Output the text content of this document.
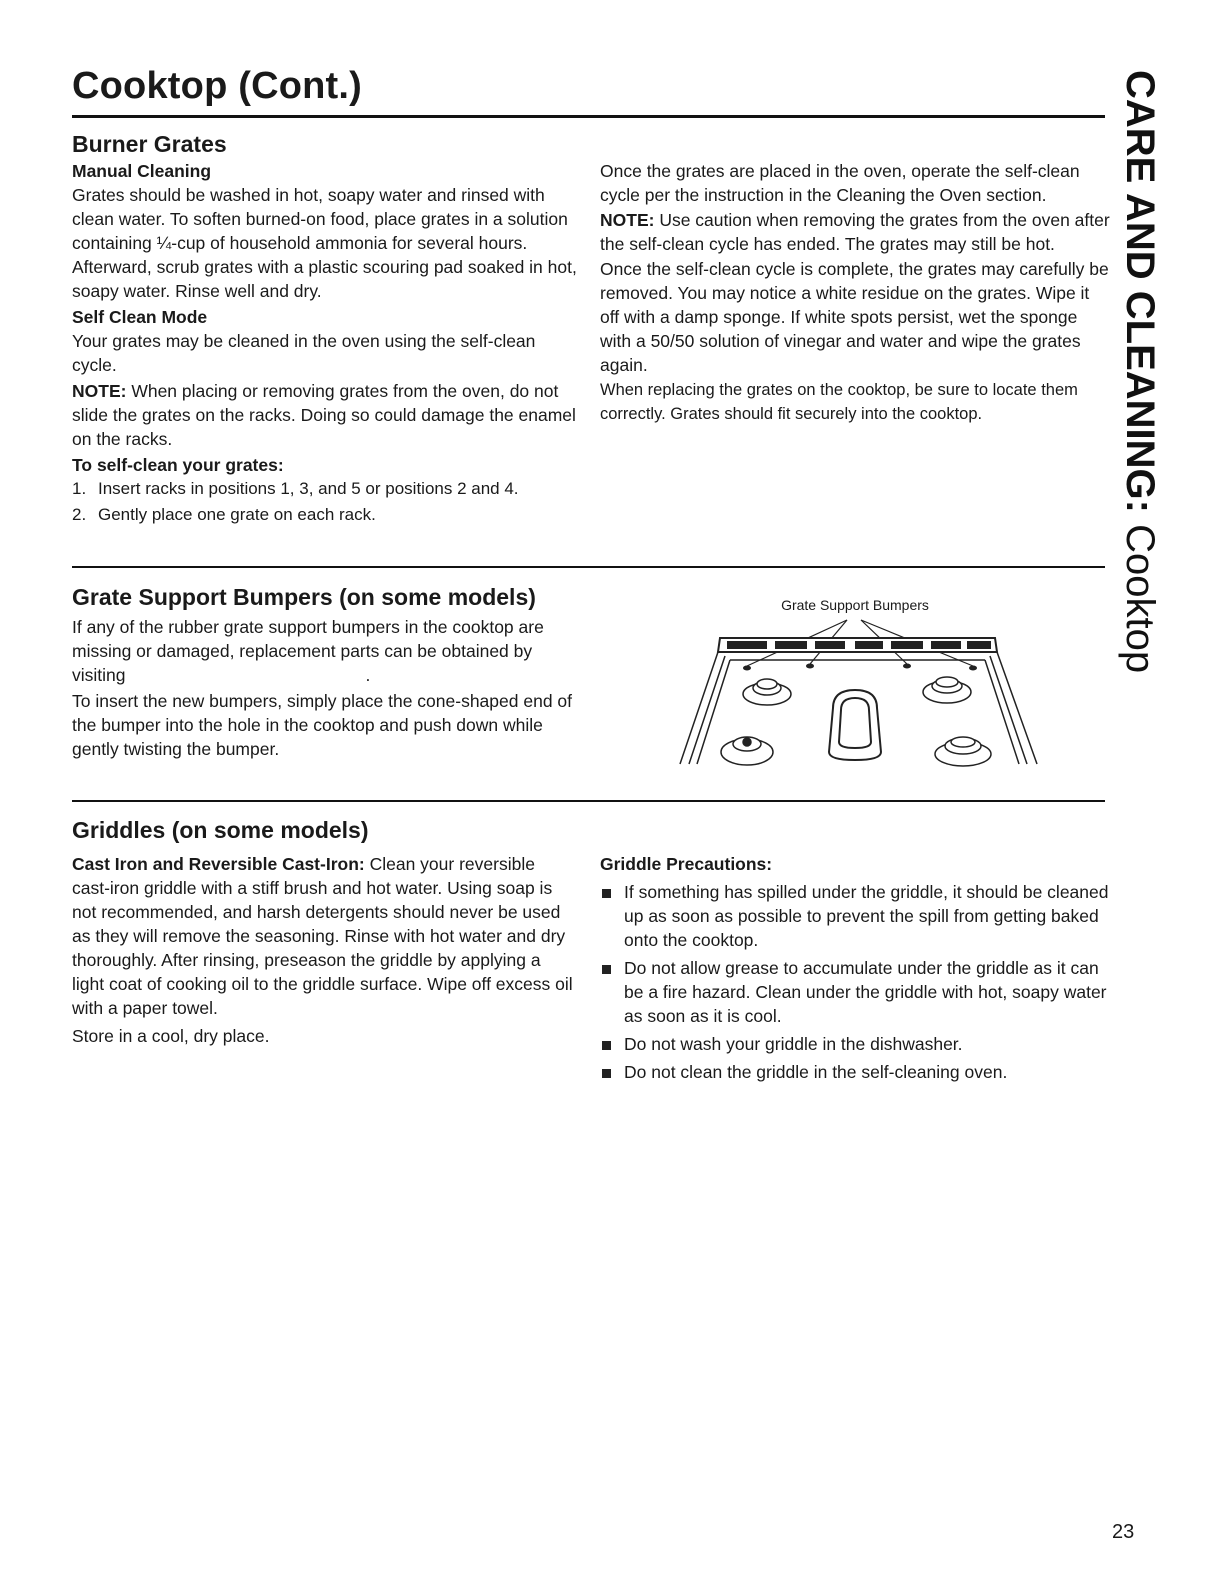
Cooktop (Cont.)	CARE AND CLEANING: Cooktop
Burner Grates
Manual Cleaning

Grates should be washed in hot, soapy water and rinsed with clean water. To soften burned-on food, place grates in a solution containing ¼-cup of household ammonia for several hours. Afterward, scrub grates with a plastic scouring pad soaked in hot, soapy water. Rinse well and dry.

Self Clean Mode

Your grates may be cleaned in the oven using the self-clean cycle.

NOTE: When placing or removing grates from the oven, do not slide the grates on the racks. Doing so could damage the enamel on the racks.

To self-clean your grates:
1. Insert racks in positions 1, 3, and 5 or positions 2 and 4.
2. Gently place one grate on each rack.

Once the grates are placed in the oven, operate the self-clean cycle per the instruction in the Cleaning the Oven section.

NOTE: Use caution when removing the grates from the oven after the self-clean cycle has ended. The grates may still be hot.

Once the self-clean cycle is complete, the grates may carefully be removed. You may notice a white residue on the grates. Wipe it off with a damp sponge. If white spots persist, wet the sponge with a 50/50 solution of vinegar and water and wipe the grates again.

When replacing the grates on the cooktop, be sure to locate them correctly. Grates should fit securely into the cooktop.

Grate Support Bumpers (on some models)

If any of the rubber grate support bumpers in the cooktop are missing or damaged, replacement parts can be obtained by visiting	.

To insert the new bumpers, simply place the cone-shaped end of the bumper into the hole in the cooktop and push down while gently twisting the bumper.

Grate Support Bumpers
Griddles (on some models)

Cast Iron and Reversible Cast-Iron: Clean your reversible cast-iron griddle with a stiff brush and hot water. Using soap is not recommended, and harsh detergents should never be used as they will remove the seasoning. Rinse with hot water and dry thoroughly. After rinsing, preseason the griddle by applying a light coat of cooking oil to the griddle surface. Wipe off excess oil with a paper towel.

Store in a cool, dry place.

Griddle Precautions:
If something has spilled under the griddle, it should be cleaned up as soon as possible to prevent the spill from getting baked onto the cooktop.
Do not allow grease to accumulate under the griddle as it can be a fire hazard. Clean under the griddle with hot, soapy water as soon as it is cool.
Do not wash your griddle in the dishwasher.
Do not clean the griddle in the self-cleaning oven.
23
